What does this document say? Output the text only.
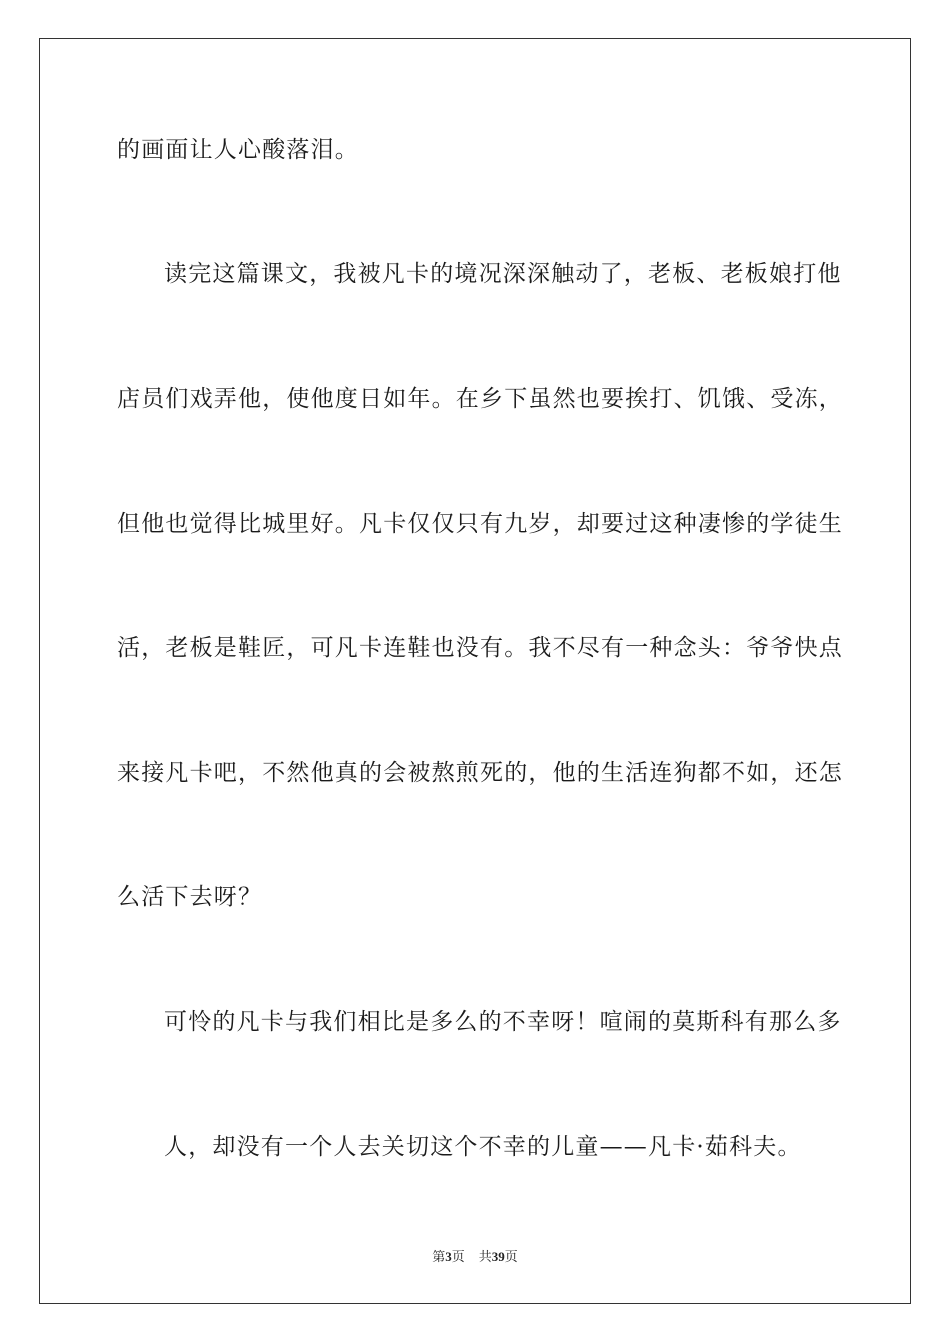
的画面让人心酸落泪。
读完这篇课文，我被凡卡的境况深深触动了，老板、老板娘打他
店员们戏弄他，使他度日如年。在乡下虽然也要挨打、饥饿、受冻，
但他也觉得比城里好。凡卡仅仅只有九岁，却要过这种凄惨的学徒生
活，老板是鞋匠，可凡卡连鞋也没有。我不尽有一种念头：爷爷快点
来接凡卡吧，不然他真的会被熬煎死的，他的生活连狗都不如，还怎
么活下去呀？
可怜的凡卡与我们相比是多么的不幸呀！喧闹的莫斯科有那么多
人，却没有一个人去关切这个不幸的儿童——凡卡·茹科夫。
第3页 共39页
